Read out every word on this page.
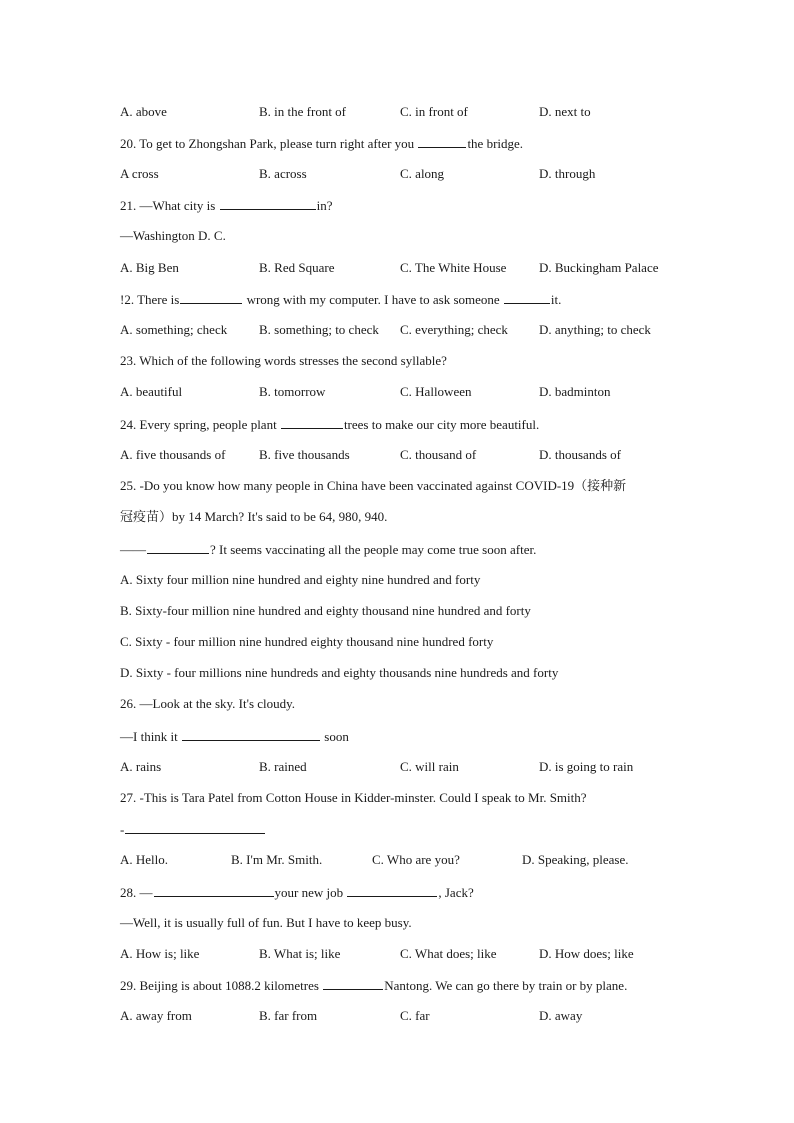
A. above	B. in the front of	C. in front of	D. next to
20. To get to Zhongshan Park, please turn right after you	the bridge.
A cross	B. across	C. along	D. through
21. —What city is	in?
—Washington D. C.
A. Big Ben	B. Red Square	C. The White House	D. Buckingham Palace
!2. There is	wrong with my computer. I have to ask someone	it.
A. something; check B. something; to check C. everything; check D. anything; to check
23. Which of the following words stresses the second syllable?
A. beautiful	B. tomorrow	C. Halloween	D. badminton
24. Every spring, people plant	trees to make our city more beautiful.
A. five thousands of	B. five thousands	C. thousand of	D. thousands of
25. -Do you know how many people in China have been vaccinated against COVID-19（接种新
冠疫苗）by 14 March? It's said to be 64, 980, 940.
——	? It seems vaccinating all the people may come true soon after.
A. Sixty four million nine hundred and eighty nine hundred and forty
B. Sixty-four million nine hundred and eighty thousand nine hundred and forty
C. Sixty - four million nine hundred eighty thousand nine hundred forty
D. Sixty - four millions nine hundreds and eighty thousands nine hundreds and forty
26. —Look at the sky. It's cloudy.
—I think it	soon
A. rains	B. rained	C. will rain	D. is going to rain
27. -This is Tara Patel from Cotton House in Kidder-minster. Could I speak to Mr. Smith?
-
A. Hello.	B. I'm Mr. Smith.	C. Who are you?	D. Speaking, please.
28. —	your new job	, Jack?
—Well, it is usually full of fun. But I have to keep busy.
A. How is; like	B. What is; like	C. What does; like	D. How does; like
29. Beijing is about 1088.2 kilometres	Nantong. We can go there by train or by plane.
A. away from	B. far from	C. far	D. away
